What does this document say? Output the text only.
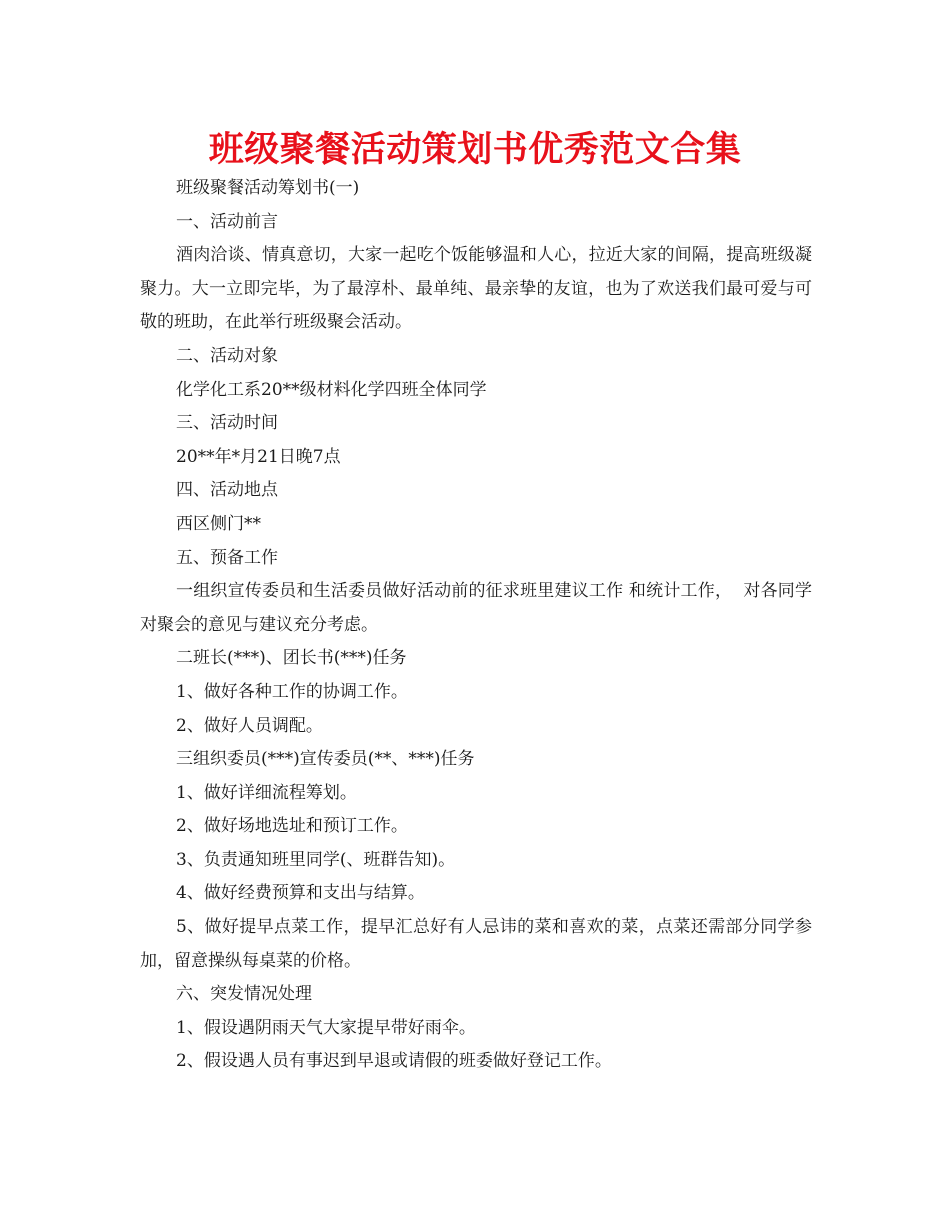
班级聚餐活动策划书优秀范文合集

班级聚餐活动筹划书(一)

一、活动前言

酒肉洽谈、情真意切，大家一起吃个饭能够温和人心，拉近大家的间隔，提高班级凝聚力。大一立即完毕，为了最淳朴、最单纯、最亲挚的友谊，也为了欢送我们最可爱与可敬的班助，在此举行班级聚会活动。

二、活动对象

化学化工系20**级材料化学四班全体同学

三、活动时间

20**年*月21日晚7点

四、活动地点

西区侧门**

五、预备工作

一组织宣传委员和生活委员做好活动前的征求班里建议工作 和统计工作，  对各同学对聚会的意见与建议充分考虑。

二班长(***)、团长书(***)任务

1、做好各种工作的协调工作。

2、做好人员调配。

三组织委员(***)宣传委员(**、***)任务

1、做好详细流程筹划。

2、做好场地选址和预订工作。

3、负责通知班里同学(、班群告知)。

4、做好经费预算和支出与结算。

5、做好提早点菜工作，提早汇总好有人忌讳的菜和喜欢的菜，点菜还需部分同学参加，留意操纵每桌菜的价格。

六、突发情况处理

1、假设遇阴雨天气大家提早带好雨伞。

2、假设遇人员有事迟到早退或请假的班委做好登记工作。
